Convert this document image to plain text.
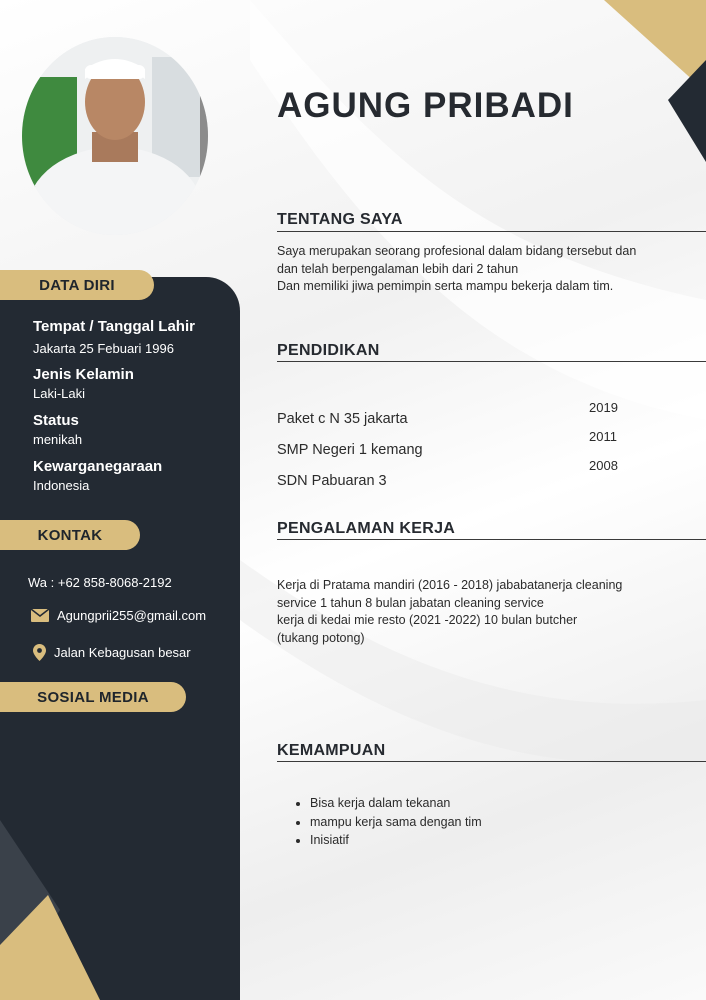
AGUNG PRIBADI
DATA DIRI
Tempat / Tanggal Lahir
Jakarta 25 Febuari 1996
Jenis Kelamin
Laki-Laki
Status
menikah
Kewarganegaraan
Indonesia
KONTAK
Wa : +62 858-8068-2192
Agungprii255@gmail.com
Jalan Kebagusan besar
SOSIAL MEDIA
TENTANG SAYA
Saya merupakan seorang profesional dalam bidang tersebut dan
dan telah berpengalaman lebih dari 2 tahun
Dan memiliki jiwa pemimpin serta mampu bekerja dalam tim.
PENDIDIKAN
Paket c N 35 jakarta
SMP Negeri 1 kemang
SDN Pabuaran 3
2019
2011
2008
PENGALAMAN KERJA
Kerja di Pratama mandiri (2016 - 2018) jababatanerja cleaning
service 1 tahun 8 bulan jabatan cleaning service
kerja di kedai mie resto (2021 -2022) 10 bulan butcher
(tukang potong)
KEMAMPUAN
• Bisa kerja dalam tekanan
• mampu kerja sama dengan tim
• Inisiatif
